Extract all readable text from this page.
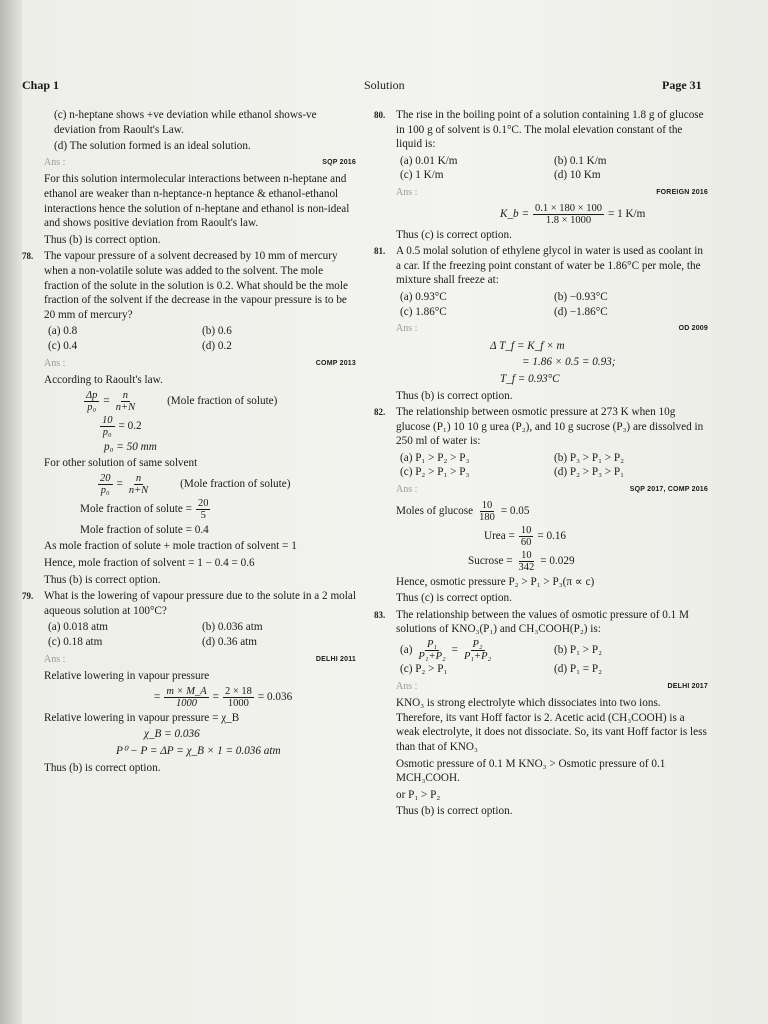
Chap 1	Solution	Page 31

(c) n-heptane shows +ve deviation while ethanol shows-ve deviation from Raoult's Law.

(d) The solution formed is an ideal solution.

Ans :	SQP 2016

For this solution intermolecular interactions between n-heptane and ethanol are weaker than n-heptance-n heptance & ethanol-ethanol interactions hence the solution of n-heptane and ethanol is non-ideal and shows positive deviation from Raoult's law.

Thus (b) is correct option.

78. The vapour pressure of a solvent decreased by 10 mm of mercury when a non-volatile solute was added to the solvent. The mole fraction of the solute in the solution is 0.2. What should be the mole fraction of the solvent if the decrease in the vapour pressure is to be 20 mm of mercury?

(a) 0.8	(b) 0.6
(c) 0.4	(d) 0.2
Ans :	COMP 2013

According to Raoult's law.

$\frac{\Delta p}{\text{p₀}} = \frac{n}{n+N}$	(Mole fraction of solute)
$\frac{10}{\text{p₀}} = 0.2$
p₀ = 50 mm

For other solution of same solvent

$\frac{20}{\text{p₀}} = \frac{n}{n+N}$	(Mole fraction of solute)
Mole fraction of solute = $\frac{20}{5}$
Mole fraction of solute = 0.4

As mole fraction of solute + mole traction of solvent = 1

Hence, mole fraction of solvent = 1 − 0.4 = 0.6

Thus (b) is correct option.

79. What is the lowering of vapour pressure due to the solute in a 2 molal aqueous solution at 100°C?

(a) 0.018 atm	(b) 0.036 atm
(c) 0.18 atm	(d) 0.36 atm
Ans :	DELHI 2011

Relative lowering in vapour pressure

= $\frac{m \times M\_A}{1000} = \frac{2 \times 18}{1000} = 0.036$

Relative lowering in vapour pressure = χ_B

χ_B = 0.036
P⁰ − P = ΔP = χ_B × 1 = 0.036 atm

Thus (b) is correct option.

80. The rise in the boiling point of a solution containing 1.8 g of glucose in 100 g of solvent is 0.1°C. The molal elevation constant of the liquid is:

(a) 0.01 K/m	(b) 0.1 K/m
(c) 1 K/m	(d) 10 Km
Ans :	FOREIGN 2016
K_b = $\frac{0.1 \times 180 \times 100}{1.8 \times 1000} = 1$ K/m

Thus (c) is correct option.

81. A 0.5 molal solution of ethylene glycol in water is used as coolant in a car. If the freezing point constant of water be 1.86°C per mole, the mixture shall freeze at:

(a) 0.93°C	(b) −0.93°C
(c) 1.86°C	(d) −1.86°C
Ans :	OD 2009
Δ T_f = K_f × m
= 1.86 × 0.5 = 0.93;
T_f = 0.93°C

Thus (b) is correct option.

82. The relationship between osmotic pressure at 273 K when 10g glucose (P₁) 10 10 g urea (P₂), and 10 g sucrose (P₃) are dissolved in 250 ml of water is:

(a) P₁ > P₂ > P₃	(b) P₃ > P₁ > P₂
(c) P₂ > P₁ > P₃	(d) P₂ > P₃ > P₁
Ans :	SQP 2017, COMP 2016
Moles of glucose $\frac{10}{180} = 0.05$
Urea = $\frac{10}{60} = 0.16$
Sucrose = $\frac{10}{342} = 0.029$

Hence, osmotic pressure P₂ > P₁ > P₃(π ∝ c)

Thus (c) is correct option.

83. The relationship between the values of osmotic pressure of 0.1 M solutions of KNO₃(P₁) and CH₃COOH(P₂) is:

$(a) \frac{\text{P₁}}{\text{P₁+P₂}} = \frac{\text{P₂}}{\text{P₁+P₂}}$	(b) P₁ > P₂
(c) P₂ > P₁	(d) P₁ = P₂
Ans :	DELHI 2017

KNO₃ is strong electrolyte which dissociates into two ions. Therefore, its vant Hoff factor is 2. Acetic acid (CH₃COOH) is a weak electrolyte, it does not dissociate. So, its vant Hoff factor is less than that of KNO₃

Osmotic pressure of 0.1 M KNO₃ > Osmotic pressure of 0.1 MCH₃COOH.

or P₁ > P₂

Thus (b) is correct option.
